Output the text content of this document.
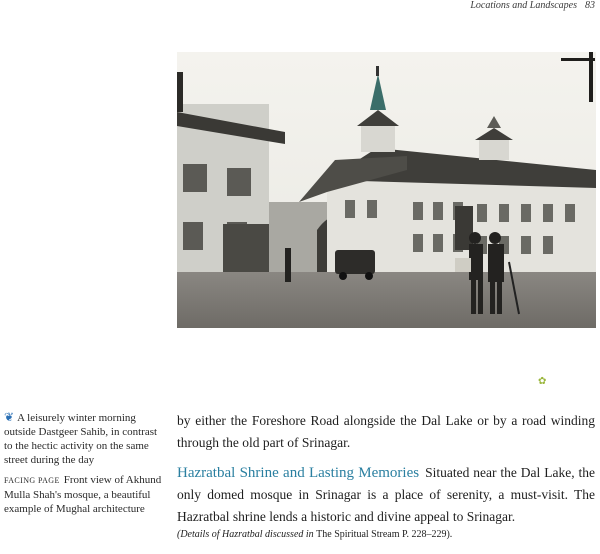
Locations and Landscapes 83
✿

❦ A leisurely winter morning outside Dastgeer Sahib, in contrast to the hectic activity on the same street during the day

FACING PAGE Front view of Akhund Mulla Shah's mosque, a beautiful example of Mughal architecture

by either the Foreshore Road alongside the Dal Lake or by a road winding through the old part of Srinagar.

Hazratbal Shrine and Lasting Memories Situated near the Dal Lake, the only domed mosque in Srinagar is a place of serenity, a must-visit. The Hazratbal shrine lends a historic and divine appeal to Srinagar.

(Details of Hazratbal discussed in The Spiritual Stream P. 228–229).
